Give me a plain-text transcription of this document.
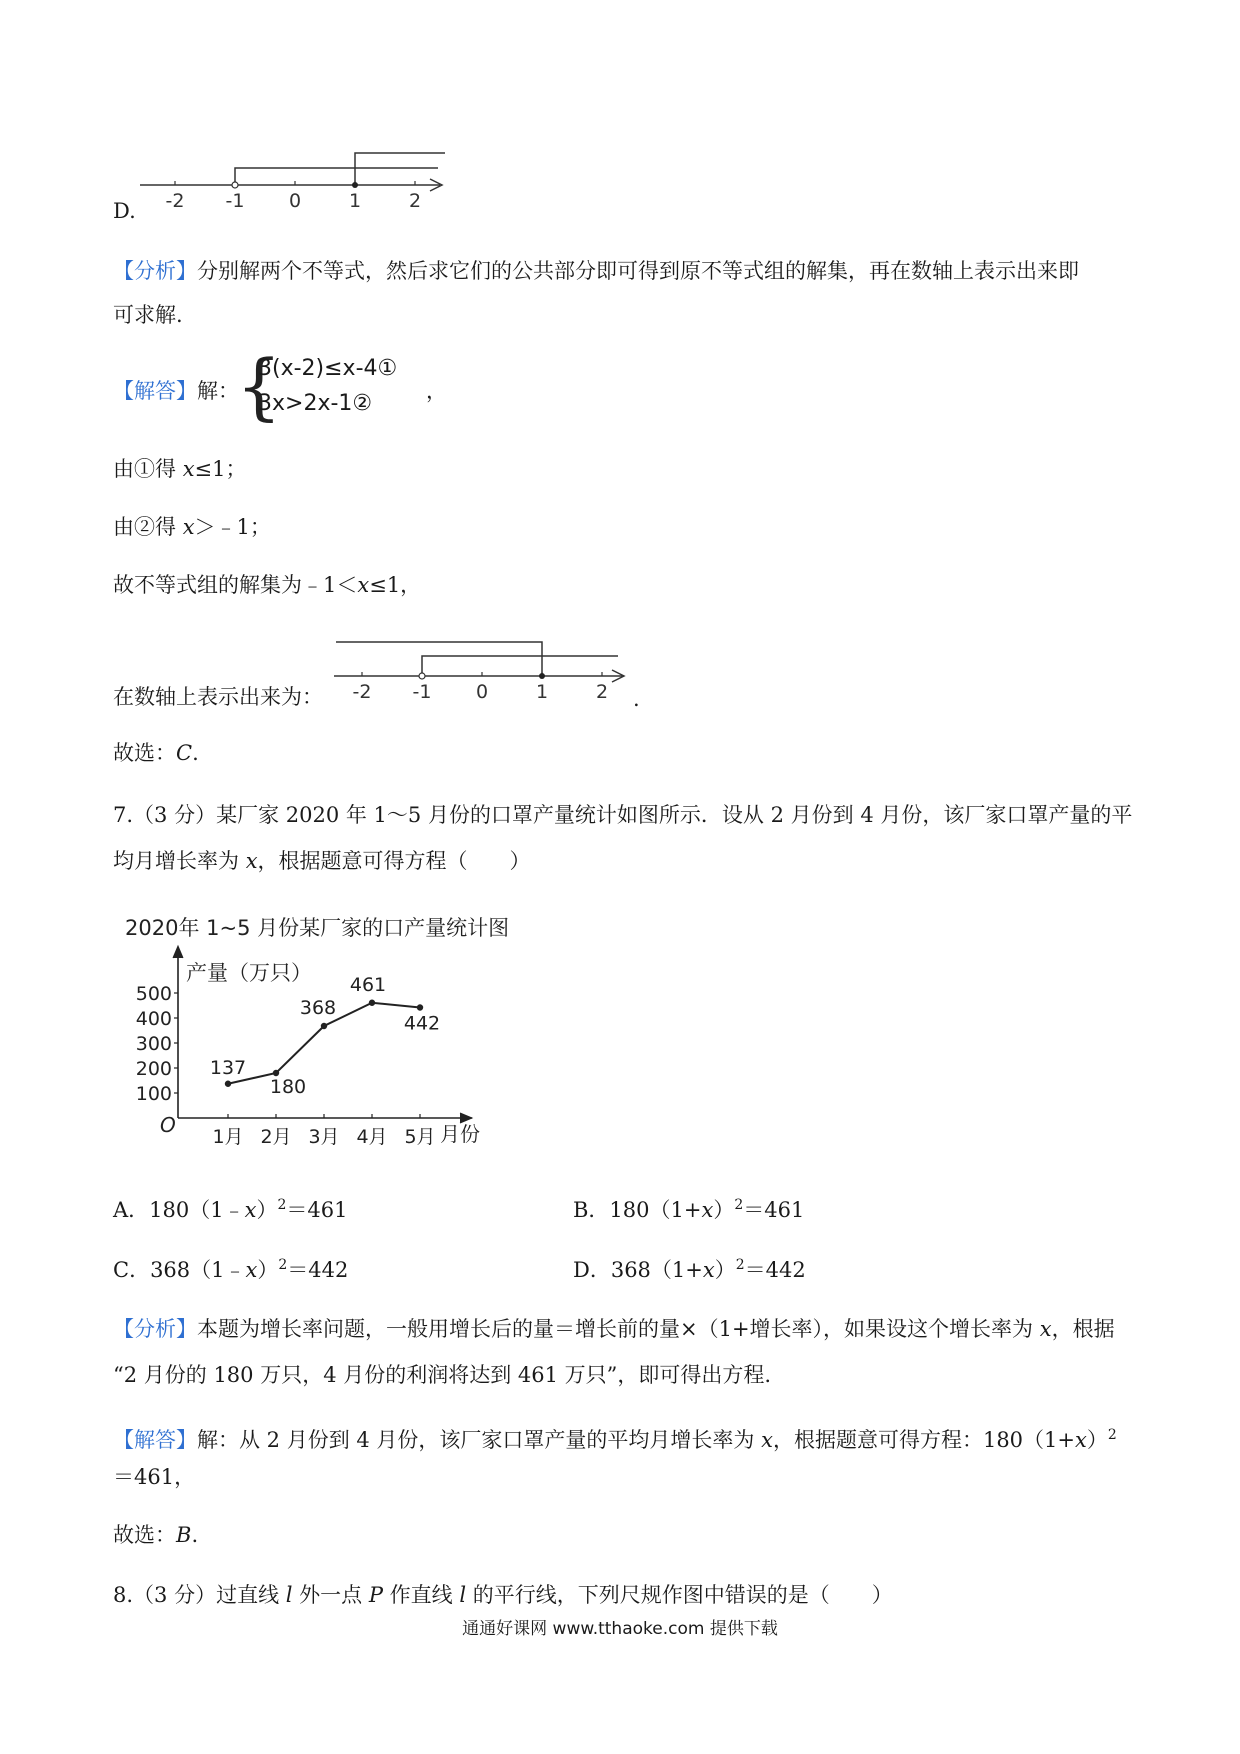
D. -2 -1 0	1	2
【分析】分别解两个不等式，然后求它们的公共部分即可得到原不等式组的解集，再在数轴上表示出来即
可求解.
【解答】解：
{
3(x-2)≤x-4①
3x>2x-1②	，
由①得 x≤1；
由②得 x＞﹣1；
故不等式组的解集为﹣1＜x≤1，
在数轴上表示出来为： -2 -1 0	1	2 .
故选：C.
7.（3 分）某厂家 2020 年 1～5 月份的口罩产量统计如图所示．设从 2 月份到 4 月份，该厂家口罩产量的平
均月增长率为 x，根据题意可得方程（　　）
2020年 1~5 月份某厂家的口产量统计图
产量（万只）
月份
O
100
200
300
400
500
1月 2月 3月 4月 5月
137
180
368
461
442
A．180（1﹣x）$^2$＝461	B．$180(1+x)^2=461$
C．368（1﹣x）$^2$＝442	D．$368(1+x)^2=442$
【分析】本题为增长率问题，一般用增长后的量＝增长前的量×（1+增长率），如果设这个增长率为 x，根据
“2 月份的 180 万只，4 月份的利润将达到 461 万只”，即可得出方程.
【解答】解：从 2 月份到 4 月份，该厂家口罩产量的平均月增长率为 x，根据题意可得方程：$180(1+x)^2$
＝461，
故选：B.
8.（3 分）过直线 l 外一点 P 作直线 l 的平行线，下列尺规作图中错误的是（　　）
通通好课网 www.tthaoke.com 提供下载
